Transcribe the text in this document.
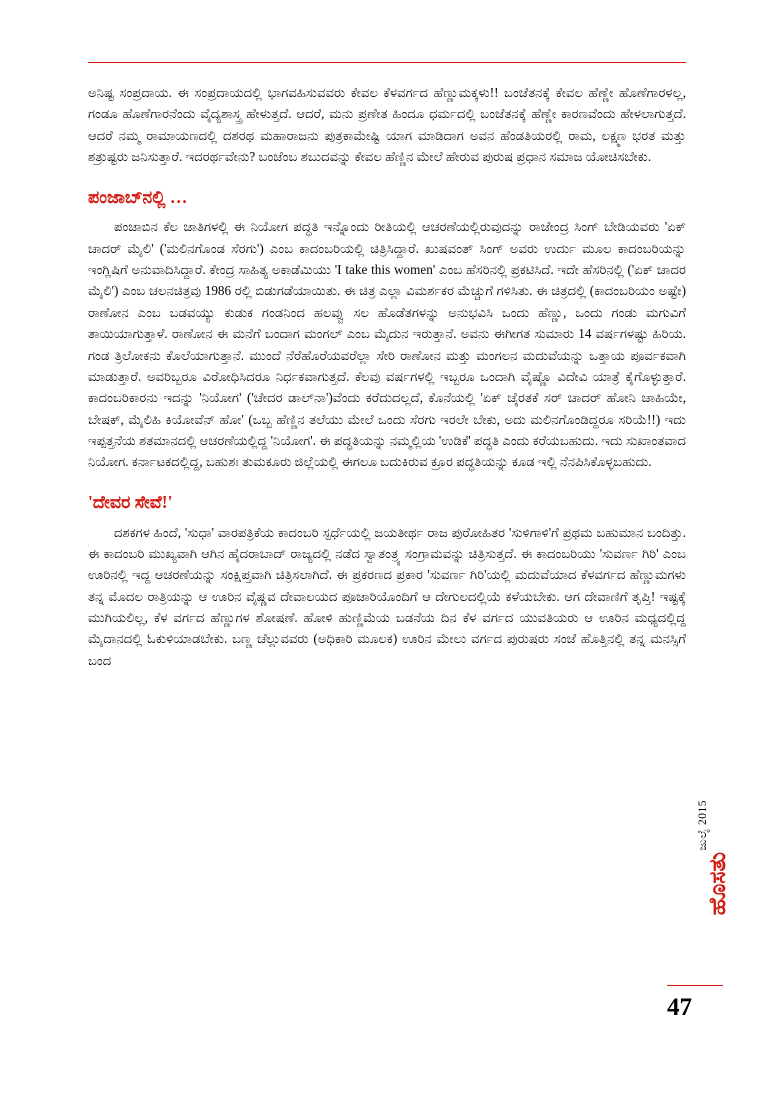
ಅನಿಷ್ಟ ಸಂಪ್ರದಾಯ. ಈ ಸಂಪ್ರದಾಯದಲ್ಲಿ ಭಾಗವಹಿಸುವವರು ಕೇವಲ ಕೆಳವರ್ಗದ ಹೆಣ್ಣುಮಕ್ಕಳು!! ಬಂಜೆತನಕ್ಕೆ ಕೇವಲ ಹೆಣ್ಣೇ ಹೊಣೆಗಾರಳಲ್ಲ, ಗಂಡೂ ಹೊಣೆಗಾರನೆಂದು ವೈದ್ಯಶಾಸ್ತ್ರ ಹೇಳುತ್ತದೆ. ಆದರೆ, ಮನು ಪ್ರಣೇತ ಹಿಂದೂ ಧರ್ಮದಲ್ಲಿ ಬಂಜೆತನಕ್ಕೆ ಹೆಣ್ಣೇ ಕಾರಣವೆಂದು ಹೇಳಲಾಗುತ್ತದೆ. ಆದರೆ ನಮ್ಮ ರಾಮಾಯಣದಲ್ಲಿ ದಶರಥ ಮಹಾರಾಜನು ಪುತ್ರಕಾಮೇಷ್ಟಿ ಯಾಗ ಮಾಡಿದಾಗ ಅವನ ಹೆಂಡತಿಯರಲ್ಲಿ ರಾಮ, ಲಕ್ಷ್ಮಣ ಭರತ ಮತ್ತು ಶತ್ರುಷ್ಟರು ಜನಿಸುತ್ತಾರೆ. ಇದರರ್ಥವೇನು? ಬಂಜೆಂಬ ಶಬುದವನ್ನು ಕೇವಲ ಹೆಣ್ಣಿನ ಮೇಲೆ ಹೇರುವ ಪುರುಷ ಪ್ರಧಾನ ಸಮಾಜ ಯೋಚಿಸಬೇಕು.

ಪಂಜಾಬ್‌ನಲ್ಲಿ …

ಪಂಜಾಬಿನ ಕೆಲ ಜಾತಿಗಳಲ್ಲಿ ಈ ನಿಯೋಗ ಪದ್ಧತಿ ಇನ್ನೊಂದು ರೀತಿಯಲ್ಲಿ ಆಚರಣೆಯಲ್ಲಿರುವುದನ್ನು ರಾಜೇಂದ್ರ ಸಿಂಗ್ ಬೇಡಿಯವರು 'ಏಕ್ ಚಾದರ್ ಮೈಲಿ' ('ಮಲಿನಗೊಂಡ ಸೆರಗು') ಎಂಬ ಕಾದಂಬರಿಯಲ್ಲಿ ಚಿತ್ರಿಸಿದ್ದಾರೆ. ಖುಷವಂತ್ ಸಿಂಗ್ ಅವರು ಉರ್ದು ಮೂಲ ಕಾದಂಬರಿಯನ್ನು ಇಂಗ್ಲಿಷಿಗೆ ಅನುವಾದಿಸಿದ್ದಾರೆ. ಕೇಂದ್ರ ಸಾಹಿತ್ಯ ಅಕಾಡೆಮಿಯು 'I take this women' ಎಂಬ ಹೆಸರಿನಲ್ಲಿ ಪ್ರಕಟಿಸಿದೆ. ಇದೇ ಹೆಸರಿನಲ್ಲಿ ('ಏಕ್ ಚಾದರ ಮೈಲಿ') ಎಂಬ ಚಲನಚಿತ್ರವು 1986 ರಲ್ಲಿ ಬಿಡುಗಡೆಯಾಯಿತು. ಈ ಚಿತ್ರ ಎಲ್ಲಾ ವಿಮರ್ಶಕರ ಮೆಚ್ಚುಗೆ ಗಳಿಸಿತು. ಈ ಚಿತ್ರದಲ್ಲಿ (ಕಾದಂಬರಿಯಂ ಅಷ್ಟೇ) ರಾಣೋನ ಎಂಬ ಬಡವಯ್ಯು ಕುಡುಕ ಗಂಡನಿಂದ ಹಲವ್ವು ಸಲ ಹೊಡೆತಗಳನ್ನು ಅನುಭವಿಸಿ ಒಂದು ಹೆಣ್ಣು, ಒಂದು ಗಂಡು ಮಗುವಿಗೆ ತಾಯಿಯಾಗುತ್ತಾಳೆ. ರಾಣೋನ ಈ ಮನೆಗೆ ಬಂದಾಗ ಮಂಗಲ್ ಎಂಬ ಮೈದುನ ಇರುತ್ತಾನೆ. ಅವನು ಈಗೀಗತ ಸುಮಾರು 14 ವರ್ಷಗಳಷ್ಟು ಹಿರಿಯ. ಗಂಡ ತ್ರಿಲೋಕನು ಕೊಲೆಯಾಗುತ್ತಾನೆ. ಮುಂದೆ ನೆರೆಹೊರೆಯವರೆಲ್ಲಾ ಸೇರಿ ರಾಣೋನ ಮತ್ತು ಮಂಗಲನ ಮದುವೆಯನ್ನು ಒತ್ತಾಯ ಪೂರ್ವಕವಾಗಿ ಮಾಡುತ್ತಾರೆ. ಅವರಿಬ್ಬರೂ ವಿರೋಧಿಸಿದರೂ ನಿರ್ಧಕವಾಗುತ್ತದೆ. ಕೆಲವು ವರ್ಷಗಳಲ್ಲಿ ಇಬ್ಬರೂ ಒಂದಾಗಿ ವೈಷ್ಣೊ ವಿದೇವಿ ಯಾತ್ರೆ ಕೈಗೊಳ್ಳುತ್ತಾರೆ. ಕಾದಂಬರಿಕಾರನು ಇದನ್ನು 'ನಿಯೋಗ' ('ಚೇದರ ಡಾಲ್‌ನಾ')ವೆಂದು ಕರೆದುದಲ್ಲದೆ, ಕೊನೆಯಲ್ಲಿ 'ಏಕ್ ಚೈರತಕೆ ಸರ್ ಚಾದರ್ ಹೋನಿ ಚಾಹಿಯೇ, ಬೇಷಕ್, ಮೈಲಿಹಿ ಕಿಯೋವೆನ್ ಹೋ' (ಒಬ್ಬ ಹೆಣ್ಣಿನ ತಲೆಯು ಮೇಲೆ ಒಂದು ಸೆರಗು ಇರಲೇ ಬೇಕು, ಅದು ಮಲಿನಗೊಂಡಿದ್ದರೂ ಸರಿಯೆ!!) ಇದು ಇಪ್ಪತ್ತನೆಯ ಶತಮಾನದಲ್ಲಿ ಆಚರಣೆಯಲ್ಲಿದ್ದ 'ನಿಯೋಗ'. ಈ ಪದ್ಧತಿಯನ್ನು ನಮ್ಮಲ್ಲಿಯ 'ಉಡಿಕೆ' ಪದ್ಧತಿ ಎಂದು ಕರೆಯಬಹುದು. ಇದು ಸುಖಾಂತವಾದ ನಿಯೋಗ. ಕರ್ನಾಟಕದಲ್ಲಿದ್ದ, ಬಹುಶಃ ತುಮಕೂರು ಜಿಲ್ಲೆಯಲ್ಲಿ ಈಗಲೂ ಬದುಕಿರುವ ಕ್ರೂರ ಪದ್ಧತಿಯನ್ನು ಕೂಡ ಇಲ್ಲಿ ನೆನಪಿಸಿಕೊಳ್ಳಬಹುದು.

'ದೇವರ ಸೇವೆ!'

ದಶಕಗಳ ಹಿಂದೆ, 'ಸುಧಾ' ವಾರಪತ್ರಿಕೆಯ ಕಾದಂಬರಿ ಸ್ಪರ್ಧೆಯಲ್ಲಿ ಜಯತೀರ್ಥ ರಾಜ ಪುರೋಹಿತರ 'ಸುಳಿಗಾಳಿ'ಗೆ ಪ್ರಥಮ ಬಹುಮಾನ ಬಂದಿತ್ತು. ಈ ಕಾದಂಬರಿ ಮುಖ್ಯವಾಗಿ ಆಗಿನ ಹೈದರಾಬಾದ್ ರಾಜ್ಯದಲ್ಲಿ ನಡೆದ ಸ್ವಾತಂತ್ರ್ಯ ಸಂಗ್ರಾಮವನ್ನು ಚಿತ್ರಿಸುತ್ತದೆ. ಈ ಕಾದಂಬರಿಯು 'ಸುವರ್ಣ ಗಿರಿ' ಎಂಬ ಊರಿನಲ್ಲಿ ಇದ್ದ ಆಚರಣೆಯನ್ನು ಸಂಕ್ಷಿಪ್ತವಾಗಿ ಚಿತ್ರಿಸಲಾಗಿದೆ. ಈ ಪ್ರಕರಣದ ಪ್ರಕಾರ 'ಸುವರ್ಣ ಗಿರಿ'ಯಲ್ಲಿ ಮದುವೆಯಾದ ಕೆಳವರ್ಗದ ಹೆಣ್ಣುಮಗಳು ತನ್ನ ಮೊದಲ ರಾತ್ರಿಯನ್ನು ಆ ಊರಿನ ವೈಷ್ಣವ ದೇವಾಲಯದ ಪೂಜಾರಿಯೊಂದಿಗೆ ಆ ದೇಗುಲದಲ್ಲಿಯೆ ಕಳೆಯಬೇಕು. ಆಗ ದೇವಾಣಿಗೆ ತೃಪ್ತಿ! ಇಷ್ಟಕ್ಕೆ ಮುಗಿಯಲಿಲ್ಲ, ಕೆಳ ವರ್ಗದ ಹೆಣ್ಣುಗಳ ಶೋಷಣೆ. ಹೋಳಿ ಹುಣ್ಣಿಮೆಯ ಬಡನೆಯ ದಿನ ಕೆಳ ವರ್ಗದ ಯುವತಿಯರು ಆ ಊರಿನ ಮಧ್ಯದಲ್ಲಿದ್ದ ಮೈದಾನದಲ್ಲಿ ಓಕುಳಿಯಾಡಬೇಕು. ಬಣ್ಣ ಚೆಲ್ಲುವವರು (ಅಧಿಕಾರಿ ಮೂಲಕ) ಊರಿನ ಮೇಲು ವರ್ಗದ ಪುರುಷರು ಸಂಜೆ ಹೊತ್ತಿನಲ್ಲಿ ತನ್ನ ಮನಸ್ಸಿಗೆ ಬಂದ

ಜುಲೈ 2015
ಹೊಸತು
47
